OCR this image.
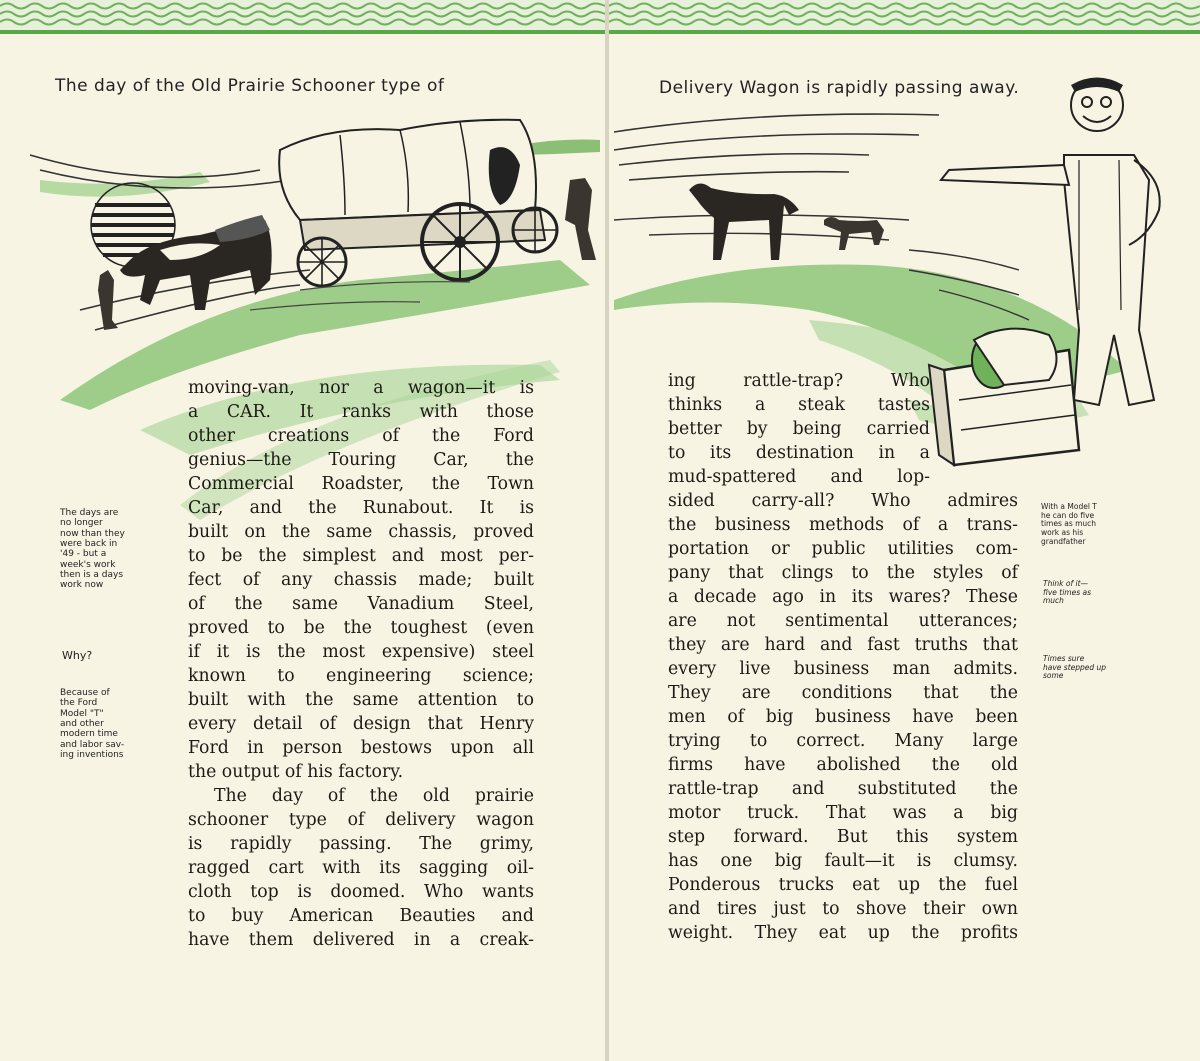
The day of the Old Prairie Schooner type of

moving-van, nor a wagon—it is

a CAR. It ranks with those

other creations of the Ford

genius—the Touring Car, the

Commercial Roadster, the Town

Car, and the Runabout. It is

built on the same chassis, proved

to be the simplest and most per-

fect of any chassis made; built

of the same Vanadium Steel,

proved to be the toughest (even

if it is the most expensive) steel

known to engineering science;

built with the same attention to

every detail of design that Henry

Ford in person bestows upon all

the output of his factory.

The day of the old prairie

schooner type of delivery wagon

is rapidly passing. The grimy,

ragged cart with its sagging oil-

cloth top is doomed. Who wants

to buy American Beauties and

have them delivered in a creak-

The days are
no longer
now than they
were back in
'49 - but a
week's work
then is a days
work now
Why?
Because of
the Ford
Model "T"
and other
modern time
and labor sav-
ing inventions
Delivery Wagon is rapidly passing away.

ing rattle-trap? Who

thinks a steak tastes

better by being carried

to its destination in a

mud-spattered and lop-

sided carry-all? Who admires

the business methods of a trans-

portation or public utilities com-

pany that clings to the styles of

a decade ago in its wares? These

are not sentimental utterances;

they are hard and fast truths that

every live business man admits.

They are conditions that the

men of big business have been

trying to correct. Many large

firms have abolished the old

rattle-trap and substituted the

motor truck. That was a big

step forward. But this system

has one big fault—it is clumsy.

Ponderous trucks eat up the fuel

and tires just to shove their own

weight. They eat up the profits

With a Model T
he can do five
times as much
work as his
grandfather
Think of it—
five times as
much
Times sure
have stepped up
some
